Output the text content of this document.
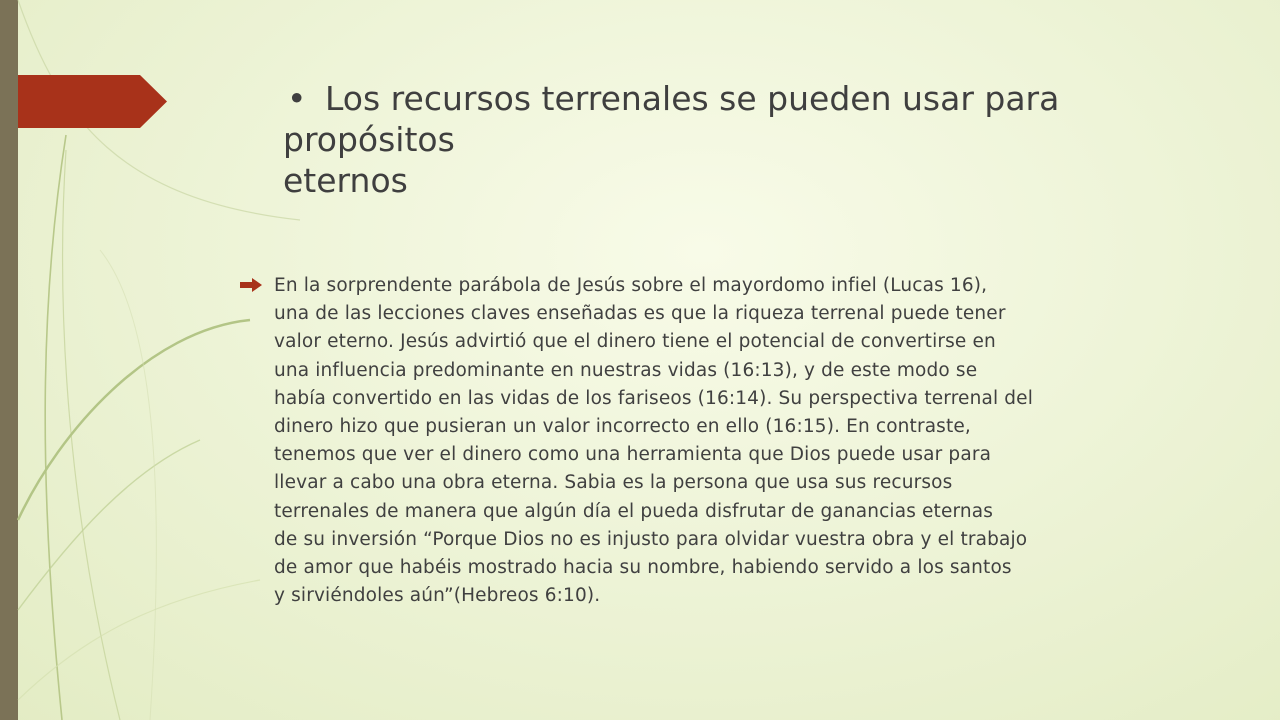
• Los recursos terrenales se pueden usar para
propósitos
eternos

En la sorprendente parábola de Jesús sobre el mayordomo infiel (Lucas 16),
una de las lecciones claves enseñadas es que la riqueza terrenal puede tener
valor eterno. Jesús advirtió que el dinero tiene el potencial de convertirse en
una influencia predominante en nuestras vidas (16:13), y de este modo se
había convertido en las vidas de los fariseos (16:14). Su perspectiva terrenal del
dinero hizo que pusieran un valor incorrecto en ello (16:15). En contraste,
tenemos que ver el dinero como una herramienta que Dios puede usar para
llevar a cabo una obra eterna. Sabia es la persona que usa sus recursos
terrenales de manera que algún día el pueda disfrutar de ganancias eternas
de su inversión “Porque Dios no es injusto para olvidar vuestra obra y el trabajo
de amor que habéis mostrado hacia su nombre, habiendo servido a los santos
y sirviéndoles aún”(Hebreos 6:10).
